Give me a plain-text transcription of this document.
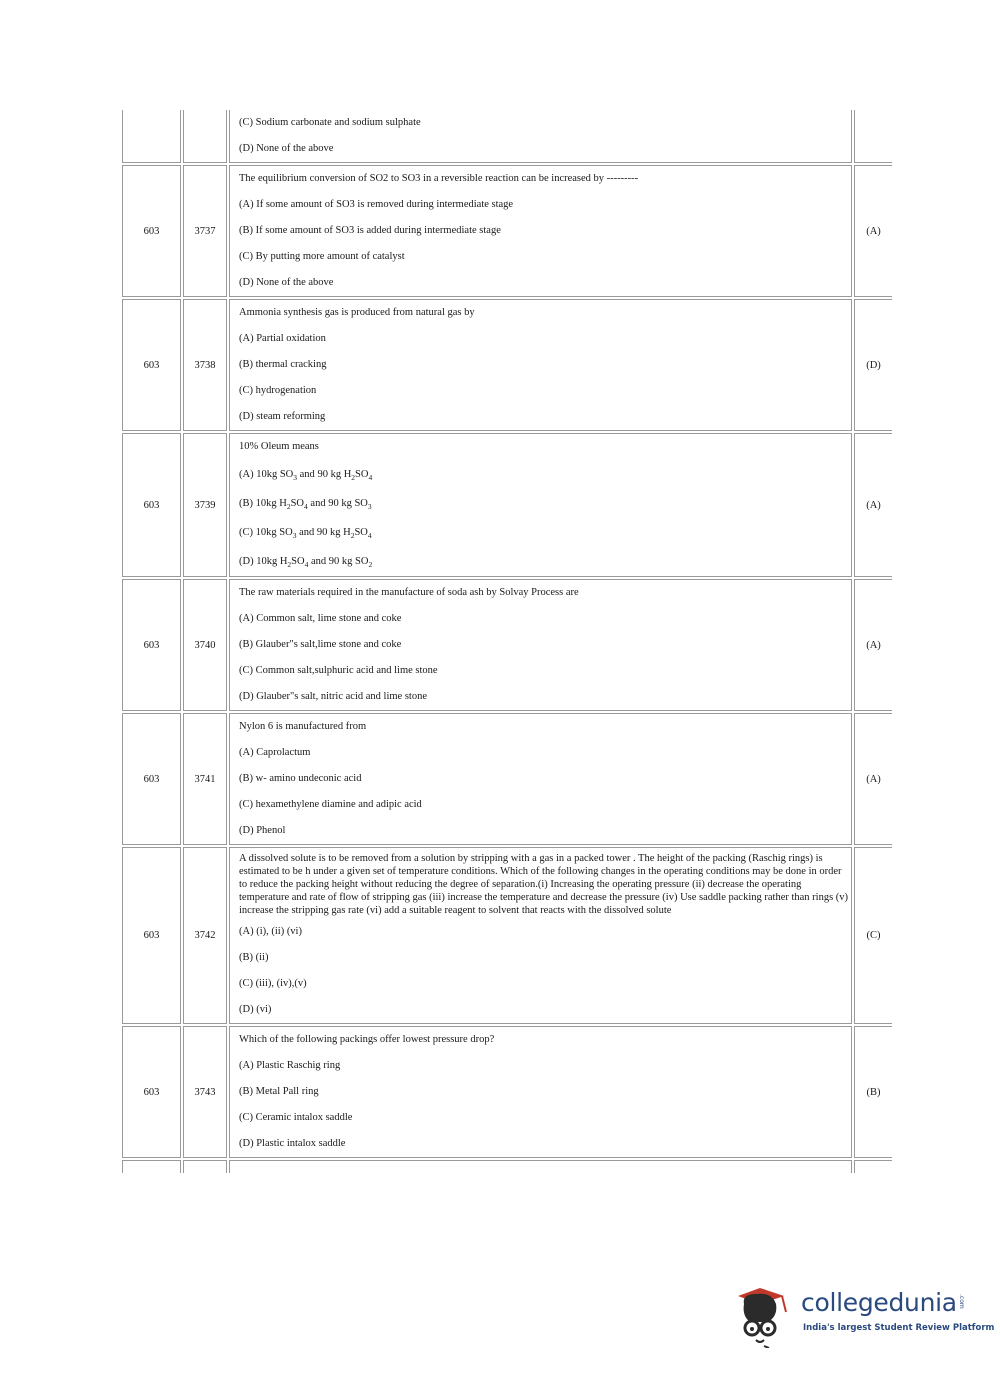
		(C) Sodium carbonate and sodium sulphate
(D) None of the above	

603	3737	The equilibrium conversion of SO2 to SO3 in a reversible reaction can be increased by ---------
(A) If some amount of SO3 is removed during intermediate stage
(B) If some amount of SO3 is added during intermediate stage
(C) By putting more amount of catalyst
(D) None of the above	(A)
603	3738	Ammonia synthesis gas is produced from natural gas by
(A) Partial oxidation
(B) thermal cracking
(C) hydrogenation
(D) steam reforming	(D)
603	3739	10% Oleum means
(A) 10kg $SO_3$ and 90 kg $H_2SO_4$
(B) 10kg $H_2SO_4$ and 90 kg $SO_3$
(C) 10kg $SO_3$ and 90 kg $H_2SO_4$
(D) 10kg $H_2SO_4$ and 90 kg $SO_2$	(A)
603	3740	The raw materials required in the manufacture of soda ash by Solvay Process are
(A) Common salt, lime stone and coke
(B) Glauber"s salt,lime stone and coke
(C) Common salt,sulphuric acid and lime stone
(D) Glauber"s salt, nitric acid and lime stone	(A)
603	3741	Nylon 6 is manufactured from
(A) Caprolactum
(B) w- amino undeconic acid
(C) hexamethylene diamine and adipic acid
(D) Phenol	(A)
603	3742	A dissolved solute is to be removed from a solution by stripping with a gas in a packed tower . The height of the packing (Raschig rings) is estimated to be h under a given set of temperature conditions. Which of the following changes in the operating conditions may be done in order to reduce the packing height without reducing the degree of separation.(i) Increasing the operating pressure (ii) decrease the operating temperature and rate of flow of stripping gas (iii) increase the temperature and decrease the pressure (iv) Use saddle packing rather than rings (v) increase the stripping gas rate (vi) add a suitable reagent to solvent that reacts with the dissolved solute
(A) (i), (ii) (vi)
(B) (ii)
(C) (iii), (iv),(v)
(D) (vi)	(C)
603	3743	Which of the following packings offer lowest pressure drop?
(A) Plastic Raschig ring
(B) Metal Pall ring
(C) Ceramic intalox saddle
(D) Plastic intalox saddle	(B)

collegedunia .com
India's largest Student Review Platform
